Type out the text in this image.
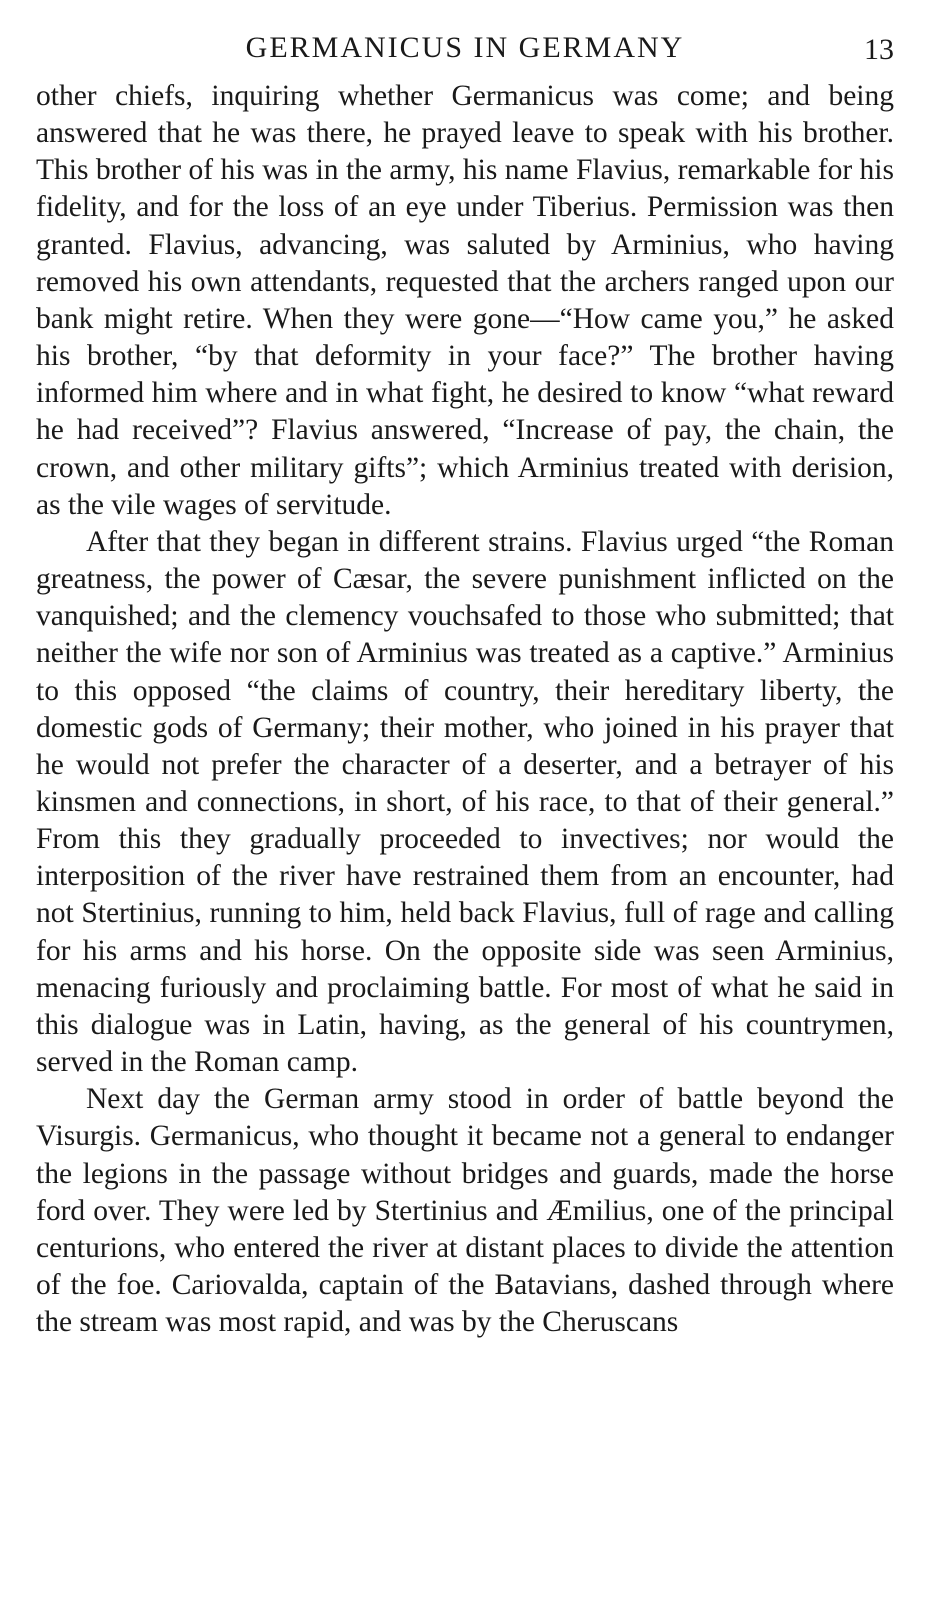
GERMANICUS IN GERMANY	13

other chiefs, inquiring whether Germanicus was come; and being answered that he was there, he prayed leave to speak with his brother. This brother of his was in the army, his name Flavius, remarkable for his fidelity, and for the loss of an eye under Tiberius. Permission was then granted. Flavius, advancing, was saluted by Arminius, who having removed his own attendants, requested that the archers ranged upon our bank might retire. When they were gone—“How came you,” he asked his brother, “by that deformity in your face?” The brother having informed him where and in what fight, he desired to know “what reward he had received”? Flavius answered, “Increase of pay, the chain, the crown, and other military gifts”; which Arminius treated with derision, as the vile wages of servitude.

After that they began in different strains. Flavius urged “the Roman greatness, the power of Cæsar, the severe punishment inflicted on the vanquished; and the clemency vouchsafed to those who submitted; that neither the wife nor son of Arminius was treated as a captive.” Arminius to this opposed “the claims of country, their hereditary liberty, the domestic gods of Germany; their mother, who joined in his prayer that he would not prefer the character of a deserter, and a betrayer of his kinsmen and connections, in short, of his race, to that of their general.” From this they gradually proceeded to invectives; nor would the interposition of the river have restrained them from an encounter, had not Stertinius, running to him, held back Flavius, full of rage and calling for his arms and his horse. On the opposite side was seen Arminius, menacing furiously and proclaiming battle. For most of what he said in this dialogue was in Latin, having, as the general of his countrymen, served in the Roman camp.

Next day the German army stood in order of battle beyond the Visurgis. Germanicus, who thought it became not a general to endanger the legions in the passage without bridges and guards, made the horse ford over. They were led by Stertinius and Æmilius, one of the principal centurions, who entered the river at distant places to divide the attention of the foe. Cariovalda, captain of the Batavians, dashed through where the stream was most rapid, and was by the Cheruscans
